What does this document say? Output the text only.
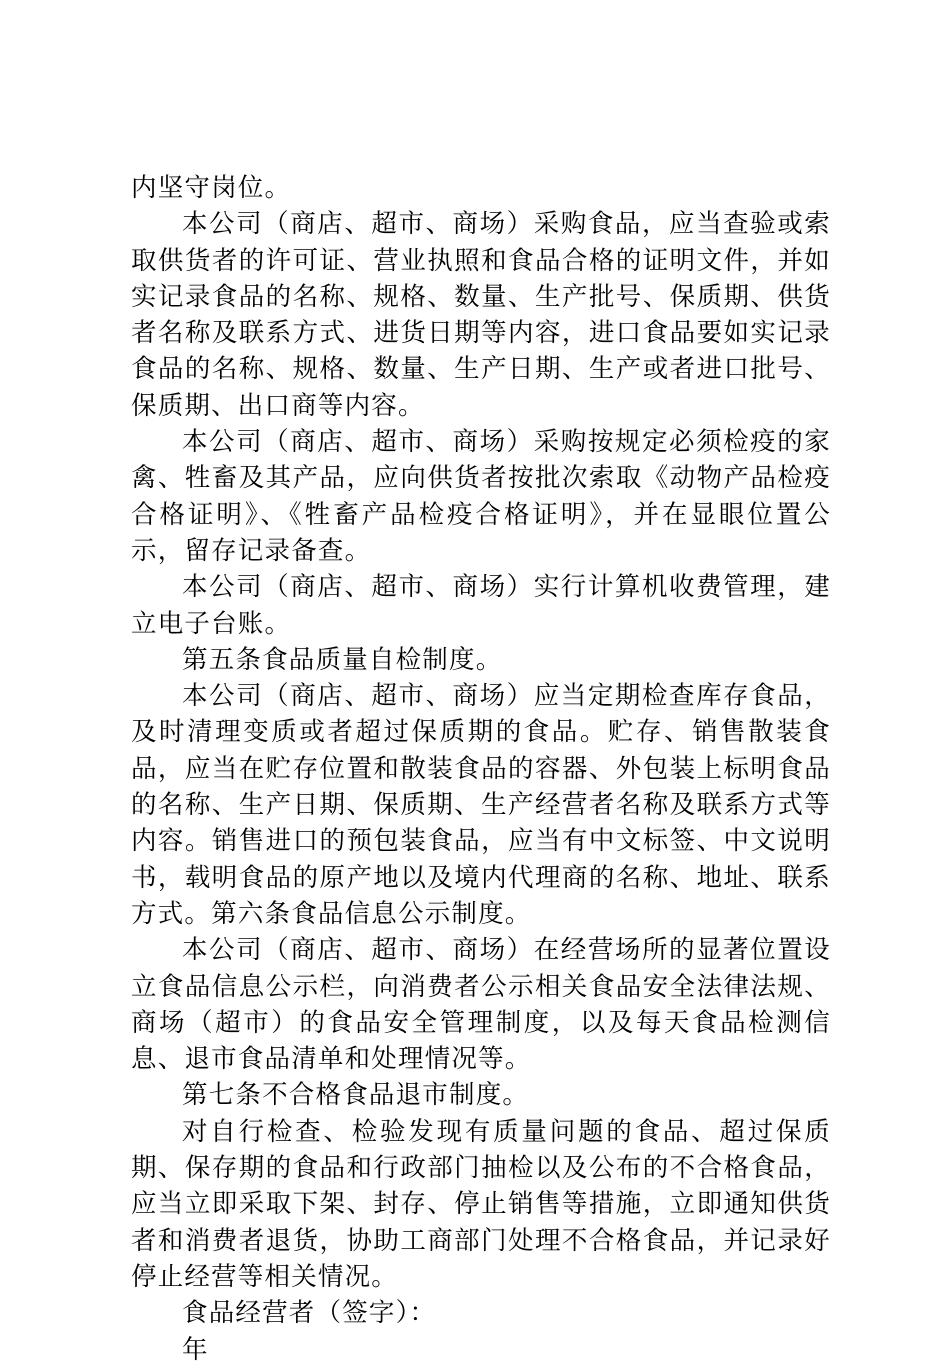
内坚守岗位。

本公司（商店、超市、商场）采购食品，应当查验或索取供货者的许可证、营业执照和食品合格的证明文件，并如实记录食品的名称、规格、数量、生产批号、保质期、供货者名称及联系方式、进货日期等内容，进口食品要如实记录食品的名称、规格、数量、生产日期、生产或者进口批号、保质期、出口商等内容。

本公司（商店、超市、商场）采购按规定必须检疫的家禽、牲畜及其产品，应向供货者按批次索取《动物产品检疫合格证明》、《牲畜产品检疫合格证明》，并在显眼位置公示，留存记录备查。

本公司（商店、超市、商场）实行计算机收费管理，建立电子台账。

第五条食品质量自检制度。

本公司（商店、超市、商场）应当定期检查库存食品，及时清理变质或者超过保质期的食品。贮存、销售散装食品，应当在贮存位置和散装食品的容器、外包装上标明食品的名称、生产日期、保质期、生产经营者名称及联系方式等内容。销售进口的预包装食品，应当有中文标签、中文说明书，载明食品的原产地以及境内代理商的名称、地址、联系方式。第六条食品信息公示制度。

本公司（商店、超市、商场）在经营场所的显著位置设立食品信息公示栏，向消费者公示相关食品安全法律法规、商场（超市）的食品安全管理制度，以及每天食品检测信息、退市食品清单和处理情况等。

第七条不合格食品退市制度。

对自行检查、检验发现有质量问题的食品、超过保质期、保存期的食品和行政部门抽检以及公布的不合格食品，应当立即采取下架、封存、停止销售等措施，立即通知供货者和消费者退货，协助工商部门处理不合格食品，并记录好停止经营等相关情况。

食品经营者（签字）：

年
